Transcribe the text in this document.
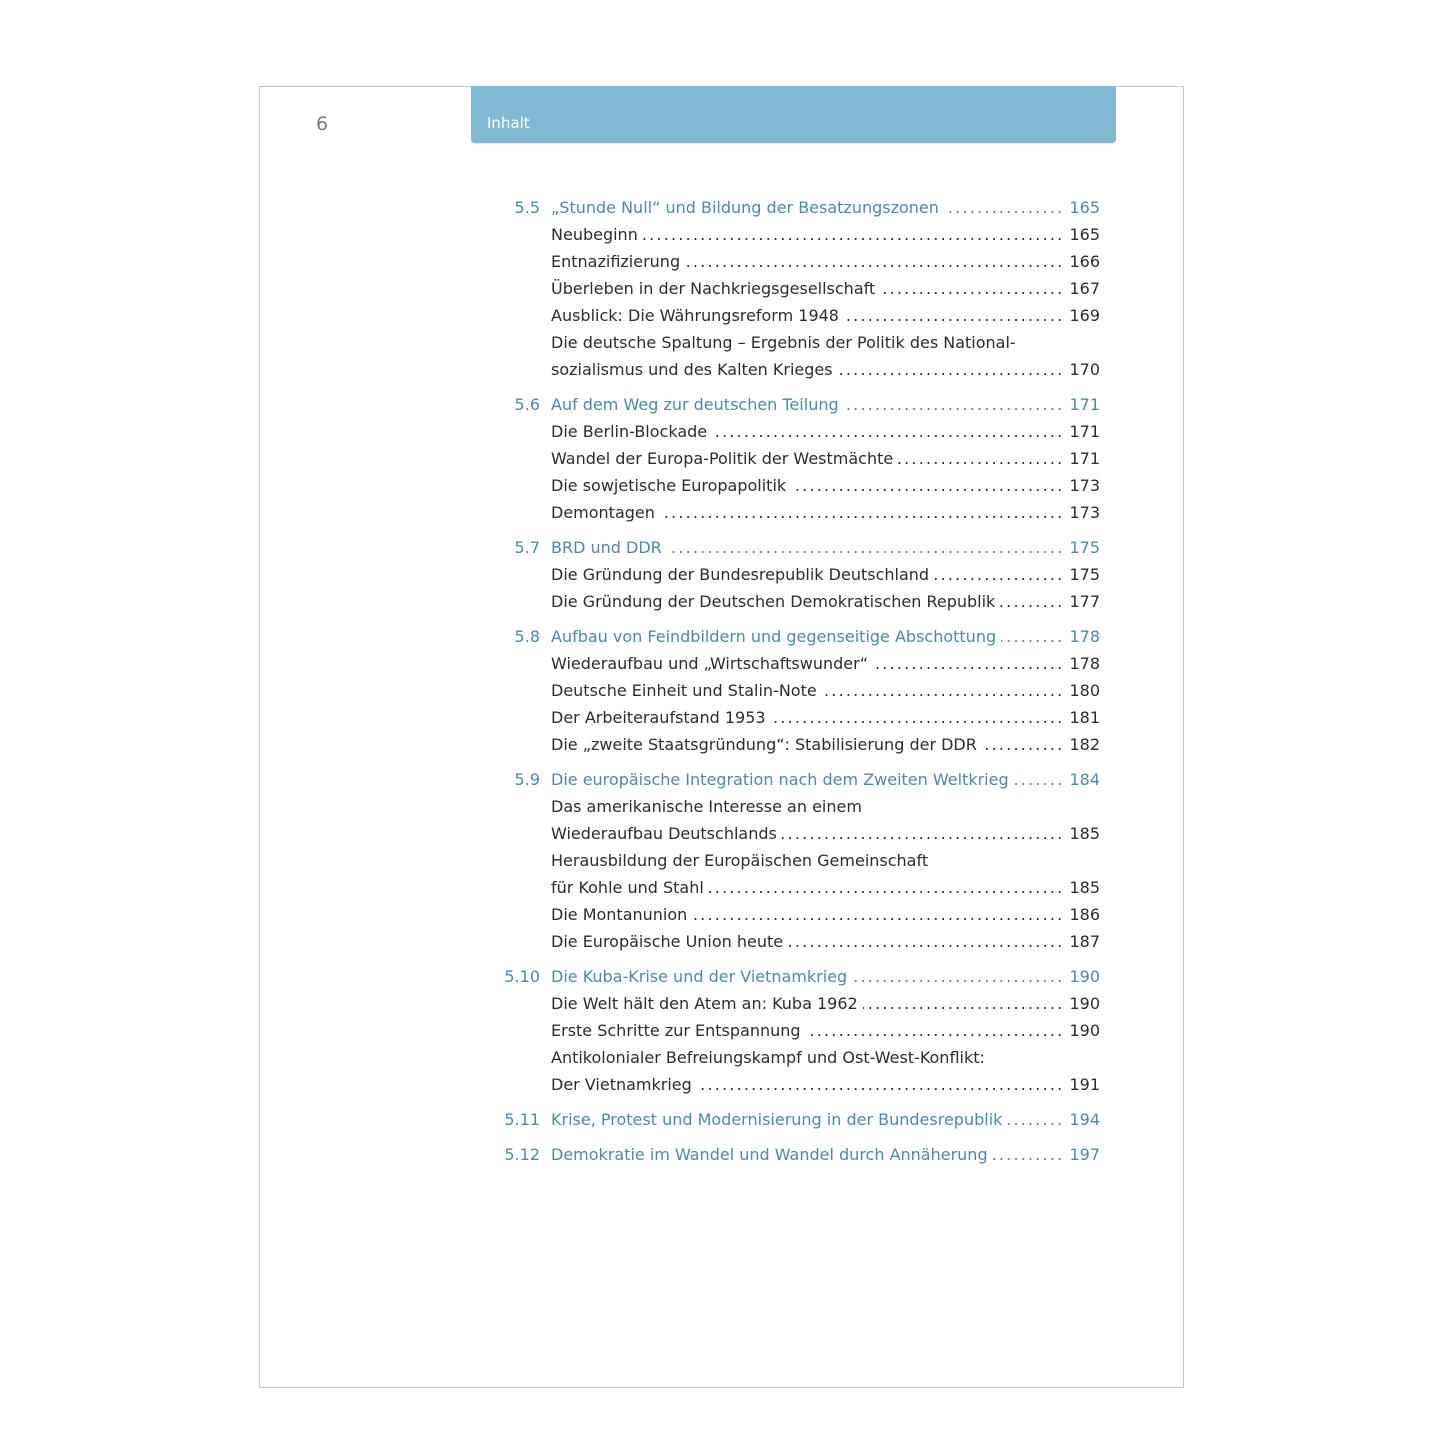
6	Inhalt
5.5 „Stunde Null“ und Bildung der Besatzungszonen .....	165
Neubeginn .....	165
Entnazifizierung .....	166
Überleben in der Nachkriegsgesellschaft .....	167
Ausblick: Die Währungsreform 1948 .....	169
Die deutsche Spaltung – Ergebnis der Politik des National-
sozialismus und des Kalten Krieges .....	170
5.6 Auf dem Weg zur deutschen Teilung .....	171
Die Berlin-Blockade .....	171
Wandel der Europa-Politik der Westmächte .....	171
Die sowjetische Europapolitik .....	173
Demontagen .....	173
5.7 BRD und DDR .....	175
Die Gründung der Bundesrepublik Deutschland .....	175
Die Gründung der Deutschen Demokratischen Republik .....	177
5.8 Aufbau von Feindbildern und gegenseitige Abschottung .....	178
Wiederaufbau und „Wirtschaftswunder“ .....	178
Deutsche Einheit und Stalin-Note .....	180
Der Arbeiteraufstand 1953 .....	181
Die „zweite Staatsgründung“: Stabilisierung der DDR .....	182
5.9 Die europäische Integration nach dem Zweiten Weltkrieg .....	184
Das amerikanische Interesse an einem
Wiederaufbau Deutschlands .....	185
Herausbildung der Europäischen Gemeinschaft
für Kohle und Stahl .....	185
Die Montanunion .....	186
Die Europäische Union heute .....	187
5.10 Die Kuba-Krise und der Vietnamkrieg .....	190
Die Welt hält den Atem an: Kuba 1962 .....	190
Erste Schritte zur Entspannung .....	190
Antikolonialer Befreiungskampf und Ost-West-Konflikt:
Der Vietnamkrieg .....	191
5.11 Krise, Protest und Modernisierung in der Bundesrepublik .....	194
5.12 Demokratie im Wandel und Wandel durch Annäherung .....	197
